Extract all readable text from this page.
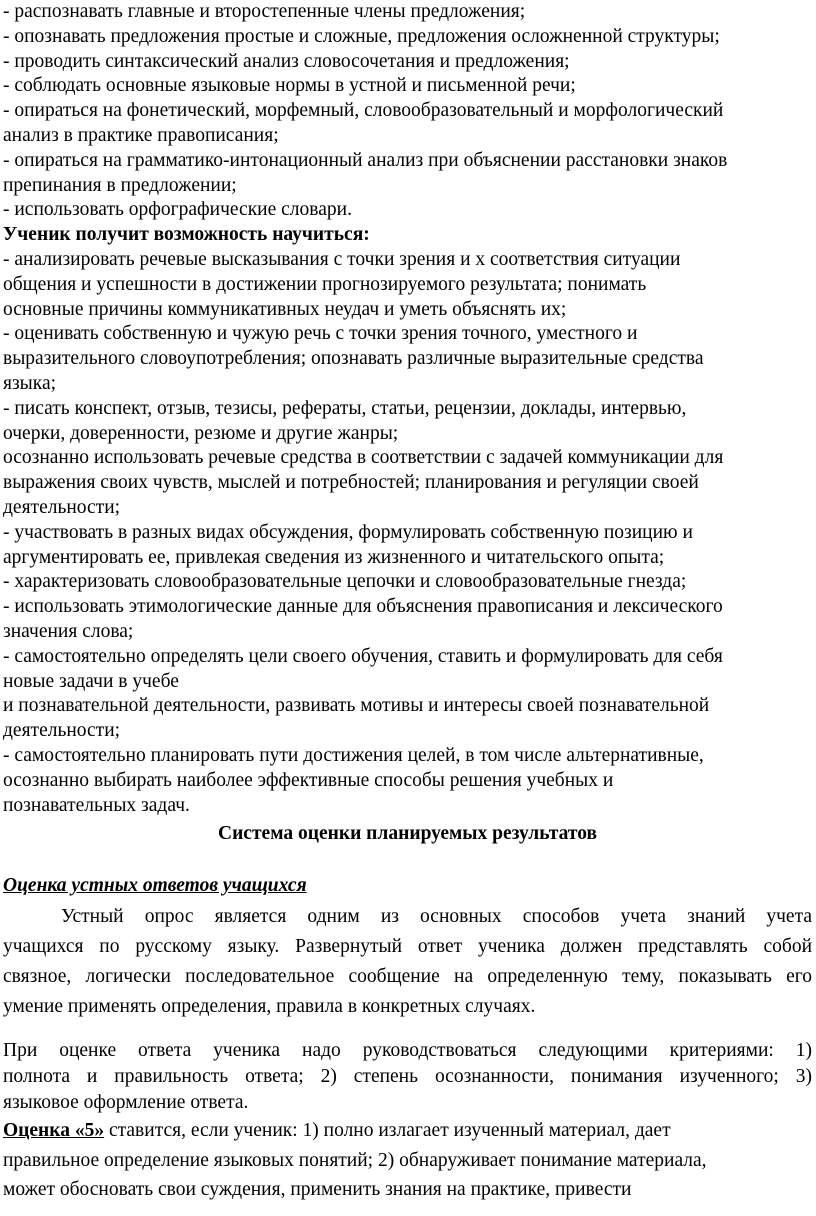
- распознавать главные и второстепенные члены предложения;
- опознавать предложения простые и сложные, предложения осложненной структуры;
- проводить синтаксический анализ словосочетания и предложения;
- соблюдать основные языковые нормы в устной и письменной речи;
- опираться на фонетический, морфемный, словообразовательный и морфологический
анализ в практике правописания;
- опираться на грамматико-интонационный анализ при объяснении расстановки знаков
препинания в предложении;
- использовать орфографические словари.
Ученик получит возможность научиться:
- анализировать речевые высказывания с точки зрения и х соответствия ситуации
общения и успешности в достижении прогнозируемого результата; понимать
основные причины коммуникативных неудач и уметь объяснять их;
- оценивать собственную и чужую речь с точки зрения точного, уместного и
выразительного словоупотребления; опознавать различные выразительные средства
языка;
- писать конспект, отзыв, тезисы, рефераты, статьи, рецензии, доклады, интервью,
очерки, доверенности, резюме и другие жанры;
осознанно использовать речевые средства в соответствии с задачей коммуникации для
выражения своих чувств, мыслей и потребностей; планирования и регуляции своей
деятельности;
- участвовать в разных видах обсуждения, формулировать собственную позицию и
аргументировать ее, привлекая сведения из жизненного и читательского опыта;
- характеризовать словообразовательные цепочки и словообразовательные гнезда;
- использовать этимологические данные для объяснения правописания и лексического
значения слова;
- самостоятельно определять цели своего обучения, ставить и формулировать для себя
новые задачи в учебе
и познавательной деятельности, развивать мотивы и интересы своей познавательной
деятельности;
- самостоятельно планировать пути достижения целей, в том числе альтернативные,
осознанно выбирать наиболее эффективные способы решения учебных и
познавательных задач.
Система оценки планируемых результатов
Оценка устных ответов учащихся
Устный опрос является одним из основных способов учета знаний учета
учащихся по русскому языку. Развернутый ответ ученика должен представлять собой
связное, логически последовательное сообщение на определенную тему, показывать его
умение применять определения, правила в конкретных случаях.
При оценке ответа ученика надо руководствоваться следующими критериями: 1)
полнота и правильность ответа; 2) степень осознанности, понимания изученного; 3)
языковое оформление ответа.
Оценка «5» ставится, если ученик: 1) полно излагает изученный материал, дает
правильное определение языковых понятий; 2) обнаруживает понимание материала,
может обосновать свои суждения, применить знания на практике, привести
